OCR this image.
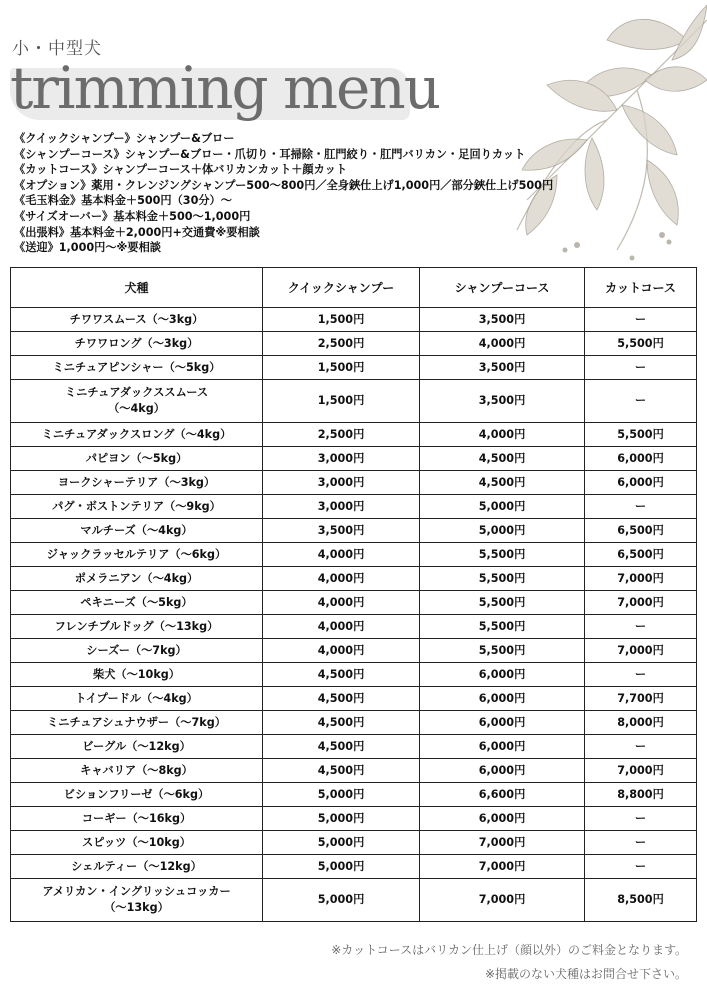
小・中型犬
trimming menu
《クイックシャンプー》シャンプー&ブロー
《シャンプーコース》シャンプー&ブロー・爪切り・耳掃除・肛門絞り・肛門バリカン・足回りカット
《カットコース》シャンプーコース＋体バリカンカット＋顔カット
《オプション》薬用・クレンジングシャンプー500〜800円／全身鋏仕上げ1,000円／部分鋏仕上げ500円
《毛玉料金》基本料金＋500円（30分）〜
《サイズオーバー》基本料金＋500〜1,000円
《出張料》基本料金＋2,000円+交通費※要相談
《送迎》1,000円〜※要相談
犬種	クイックシャンプー	シャンプーコース	カットコース
チワワスムース（〜3kg）	1,500円	3,500円	ー
チワワロング（〜3kg）	2,500円	4,000円	5,500円
ミニチュアピンシャー（〜5kg）	1,500円	3,500円	ー
ミニチュアダックススムース
（〜4kg）	1,500円	3,500円	ー
ミニチュアダックスロング（〜4kg）	2,500円	4,000円	5,500円
パピヨン（〜5kg）	3,000円	4,500円	6,000円
ヨークシャーテリア（〜3kg）	3,000円	4,500円	6,000円
パグ・ボストンテリア（〜9kg）	3,000円	5,000円	ー
マルチーズ（〜4kg）	3,500円	5,000円	6,500円
ジャックラッセルテリア（〜6kg）	4,000円	5,500円	6,500円
ポメラニアン（〜4kg）	4,000円	5,500円	7,000円
ペキニーズ（〜5kg）	4,000円	5,500円	7,000円
フレンチブルドッグ（〜13kg）	4,000円	5,500円	ー
シーズー（〜7kg）	4,000円	5,500円	7,000円
柴犬（〜10kg）	4,500円	6,000円	ー
トイプードル（〜4kg）	4,500円	6,000円	7,700円
ミニチュアシュナウザー（〜7kg）	4,500円	6,000円	8,000円
ビーグル（〜12kg）	4,500円	6,000円	ー
キャバリア（〜8kg）	4,500円	6,000円	7,000円
ビションフリーゼ（〜6kg）	5,000円	6,600円	8,800円
コーギー（〜16kg）	5,000円	6,000円	ー
スピッツ（〜10kg）	5,000円	7,000円	ー
シェルティー（〜12kg）	5,000円	7,000円	ー
アメリカン・イングリッシュコッカー
（〜13kg）	5,000円	7,000円	8,500円
※カットコースはバリカン仕上げ（顔以外）のご料金となります。
※掲載のない犬種はお問合せ下さい。
